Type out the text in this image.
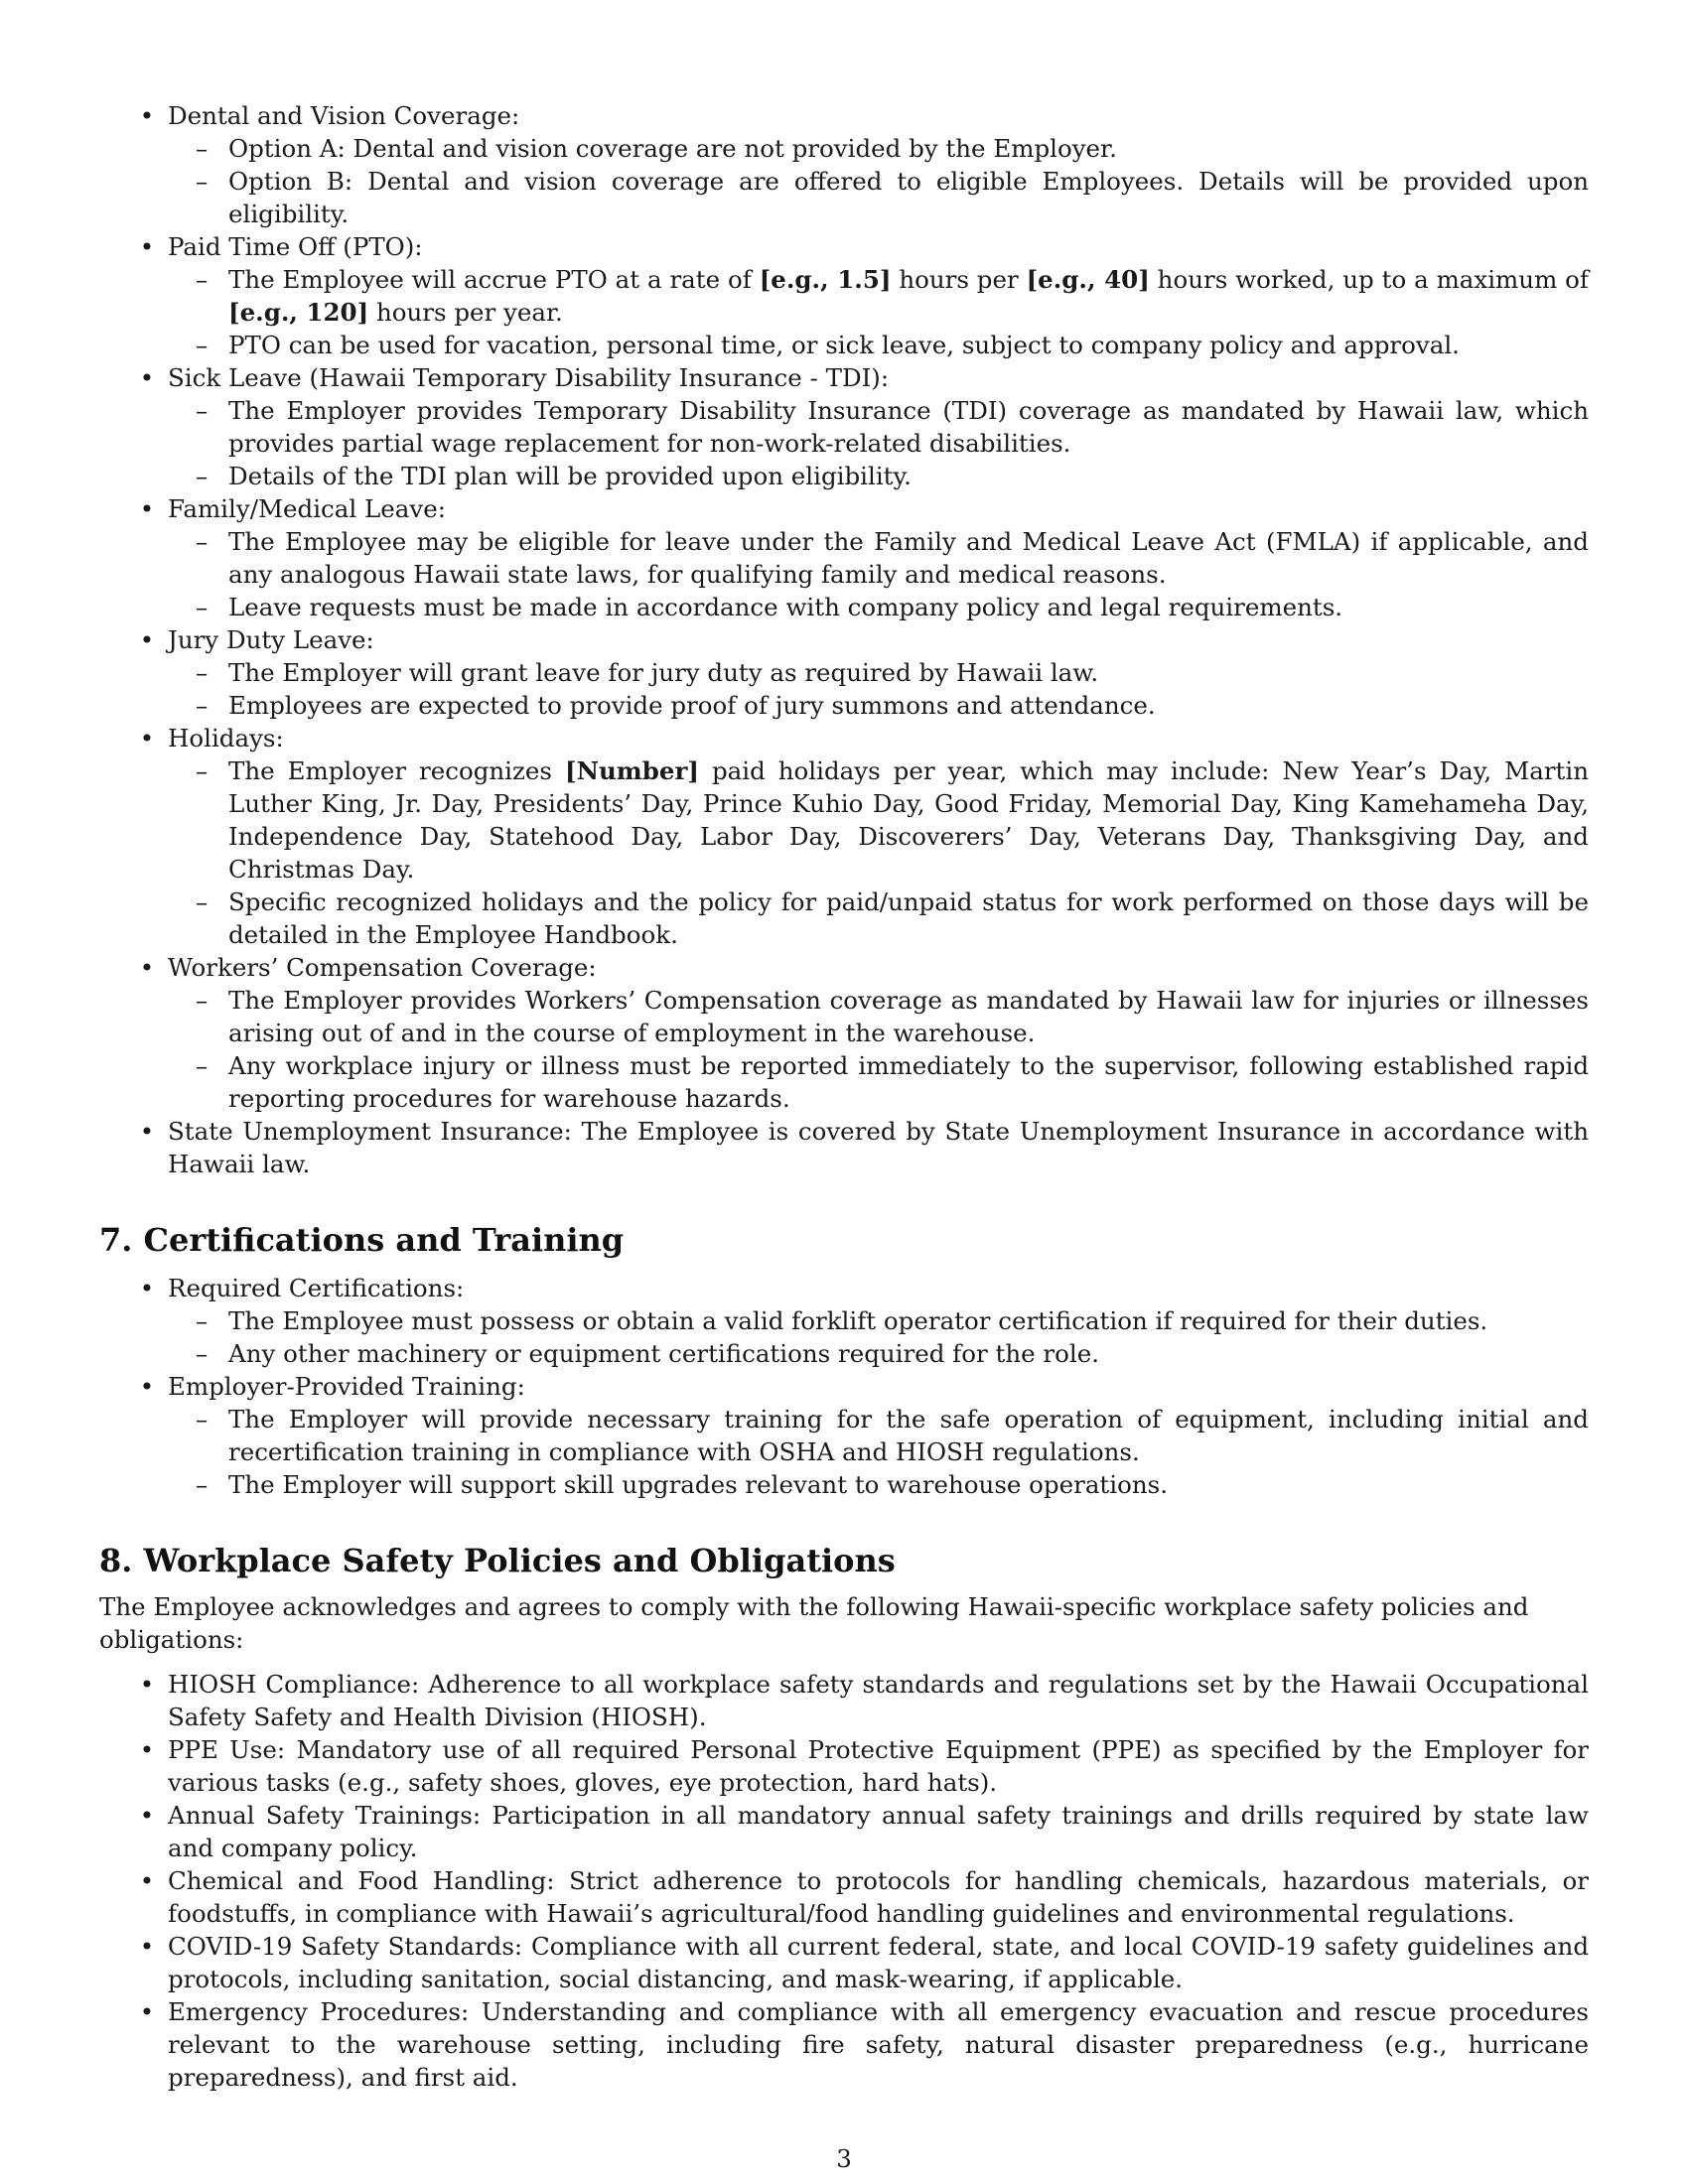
• Dental and Vision Coverage:
– Option A: Dental and vision coverage are not provided by the Employer.
– Option B: Dental and vision coverage are offered to eligible Employees. Details will be provided upon eligibility.
• Paid Time Off (PTO):
– The Employee will accrue PTO at a rate of [e.g., 1.5] hours per [e.g., 40] hours worked, up to a maximum of [e.g., 120] hours per year.
– PTO can be used for vacation, personal time, or sick leave, subject to company policy and approval.
• Sick Leave (Hawaii Temporary Disability Insurance - TDI):
– The Employer provides Temporary Disability Insurance (TDI) coverage as mandated by Hawaii law, which provides partial wage replacement for non-work-related disabilities.
– Details of the TDI plan will be provided upon eligibility.
• Family/Medical Leave:
– The Employee may be eligible for leave under the Family and Medical Leave Act (FMLA) if applicable, and any analogous Hawaii state laws, for qualifying family and medical reasons.
– Leave requests must be made in accordance with company policy and legal requirements.
• Jury Duty Leave:
– The Employer will grant leave for jury duty as required by Hawaii law.
– Employees are expected to provide proof of jury summons and attendance.
• Holidays:
– The Employer recognizes [Number] paid holidays per year, which may include: New Year’s Day, Martin Luther King, Jr. Day, Presidents’ Day, Prince Kuhio Day, Good Friday, Memorial Day, King Kamehameha Day, Independence Day, Statehood Day, Labor Day, Discoverers’ Day, Veterans Day, Thanksgiving Day, and Christmas Day.
– Specific recognized holidays and the policy for paid/unpaid status for work performed on those days will be detailed in the Employee Handbook.
• Workers’ Compensation Coverage:
– The Employer provides Workers’ Compensation coverage as mandated by Hawaii law for injuries or illnesses arising out of and in the course of employment in the warehouse.
– Any workplace injury or illness must be reported immediately to the supervisor, following established rapid reporting procedures for warehouse hazards.
• State Unemployment Insurance: The Employee is covered by State Unemployment Insurance in accordance with Hawaii law.
7. Certifications and Training
• Required Certifications:
– The Employee must possess or obtain a valid forklift operator certification if required for their duties.
– Any other machinery or equipment certifications required for the role.
• Employer-Provided Training:
– The Employer will provide necessary training for the safe operation of equipment, including initial and recertification training in compliance with OSHA and HIOSH regulations.
– The Employer will support skill upgrades relevant to warehouse operations.
8. Workplace Safety Policies and Obligations
The Employee acknowledges and agrees to comply with the following Hawaii-specific workplace safety policies and obligations:
• HIOSH Compliance: Adherence to all workplace safety standards and regulations set by the Hawaii Occupational Safety Safety and Health Division (HIOSH).
• PPE Use: Mandatory use of all required Personal Protective Equipment (PPE) as specified by the Employer for various tasks (e.g., safety shoes, gloves, eye protection, hard hats).
• Annual Safety Trainings: Participation in all mandatory annual safety trainings and drills required by state law and company policy.
• Chemical and Food Handling: Strict adherence to protocols for handling chemicals, hazardous materials, or foodstuffs, in compliance with Hawaii’s agricultural/food handling guidelines and environmental regulations.
• COVID-19 Safety Standards: Compliance with all current federal, state, and local COVID-19 safety guidelines and protocols, including sanitation, social distancing, and mask-wearing, if applicable.
• Emergency Procedures: Understanding and compliance with all emergency evacuation and rescue procedures relevant to the warehouse setting, including fire safety, natural disaster preparedness (e.g., hurricane preparedness), and first aid.
3
